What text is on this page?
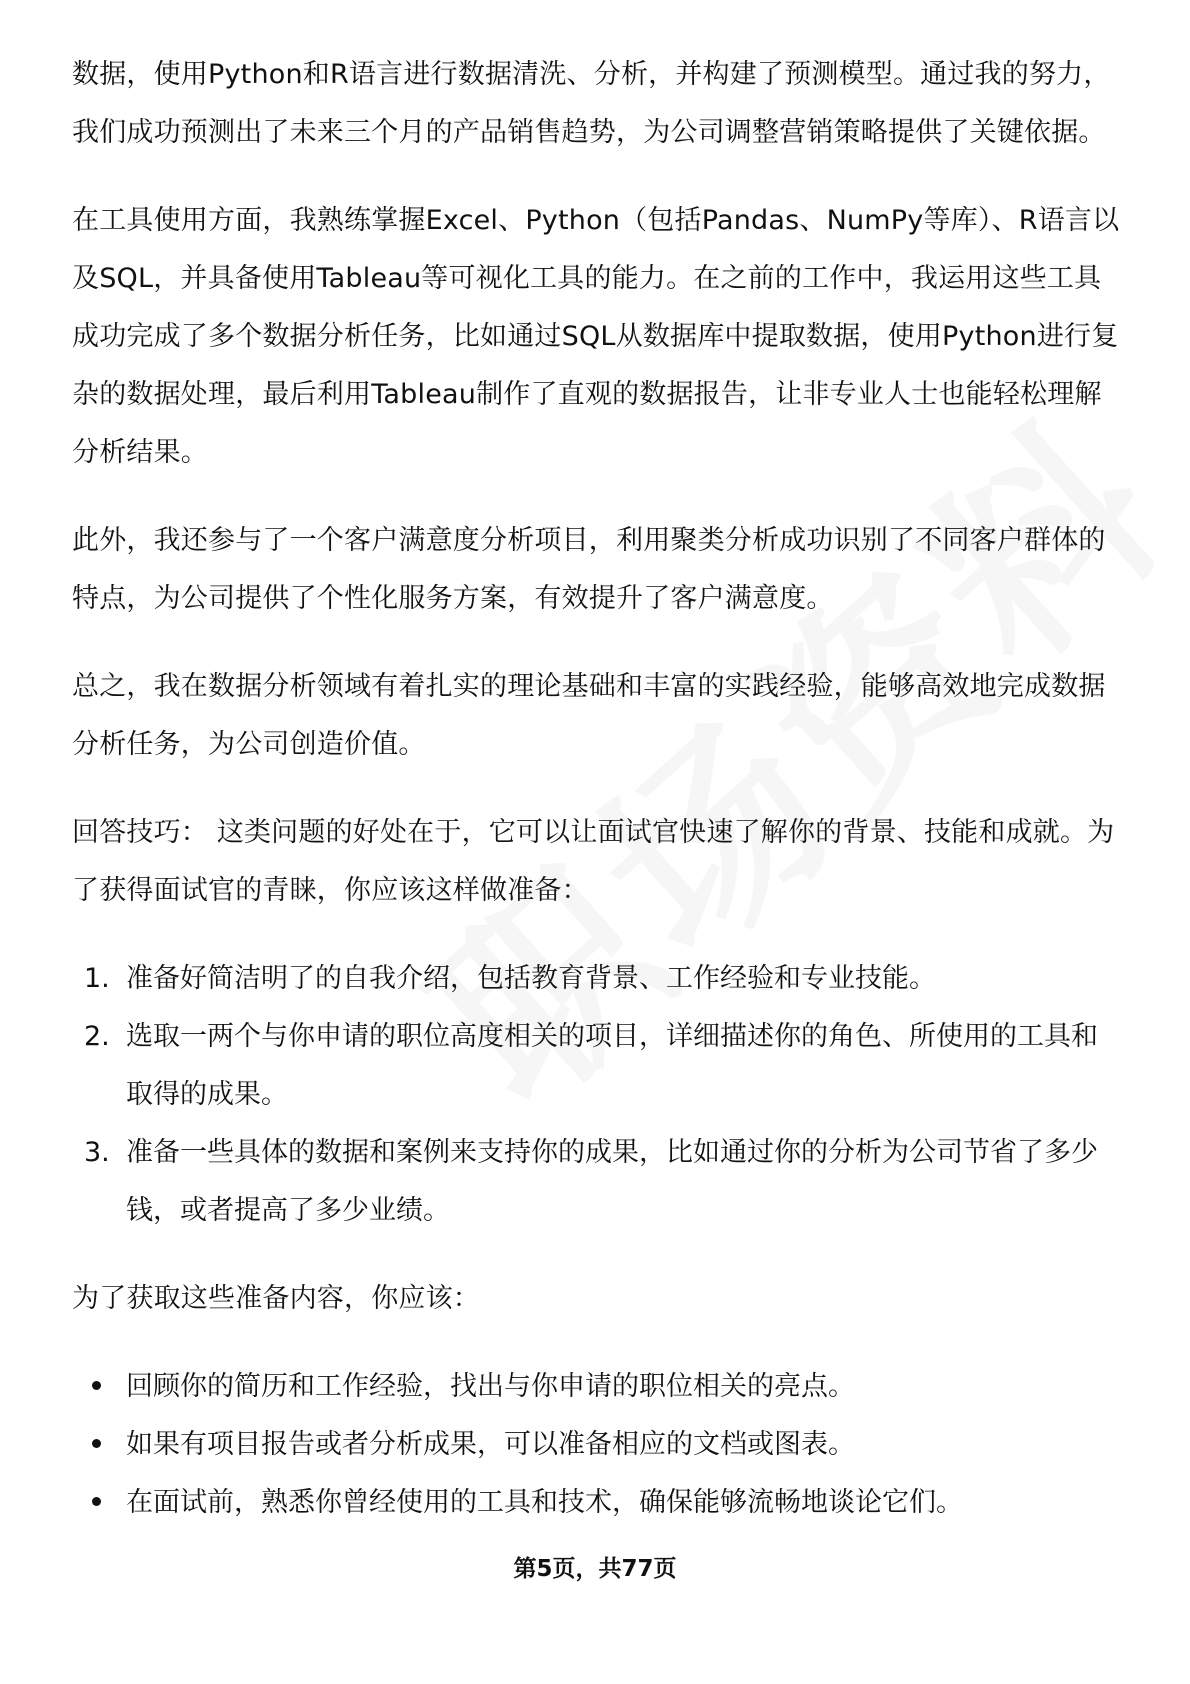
数据，使用Python和R语言进行数据清洗、分析，并构建了预测模型。通过我的努力，我们成功预测出了未来三个月的产品销售趋势，为公司调整营销策略提供了关键依据。

在工具使用方面，我熟练掌握Excel、Python（包括Pandas、NumPy等库）、R语言以及SQL，并具备使用Tableau等可视化工具的能力。在之前的工作中，我运用这些工具成功完成了多个数据分析任务，比如通过SQL从数据库中提取数据，使用Python进行复杂的数据处理，最后利用Tableau制作了直观的数据报告，让非专业人士也能轻松理解分析结果。

此外，我还参与了一个客户满意度分析项目，利用聚类分析成功识别了不同客户群体的特点，为公司提供了个性化服务方案，有效提升了客户满意度。

总之，我在数据分析领域有着扎实的理论基础和丰富的实践经验，能够高效地完成数据分析任务，为公司创造价值。

回答技巧： 这类问题的好处在于，它可以让面试官快速了解你的背景、技能和成就。为了获得面试官的青睐，你应该这样做准备：

1. 准备好简洁明了的自我介绍，包括教育背景、工作经验和专业技能。
2. 选取一两个与你申请的职位高度相关的项目，详细描述你的角色、所使用的工具和取得的成果。
3. 准备一些具体的数据和案例来支持你的成果，比如通过你的分析为公司节省了多少钱，或者提高了多少业绩。

为了获取这些准备内容，你应该：

回顾你的简历和工作经验，找出与你申请的职位相关的亮点。
如果有项目报告或者分析成果，可以准备相应的文档或图表。
在面试前，熟悉你曾经使用的工具和技术，确保能够流畅地谈论它们。
第5页，共77页
